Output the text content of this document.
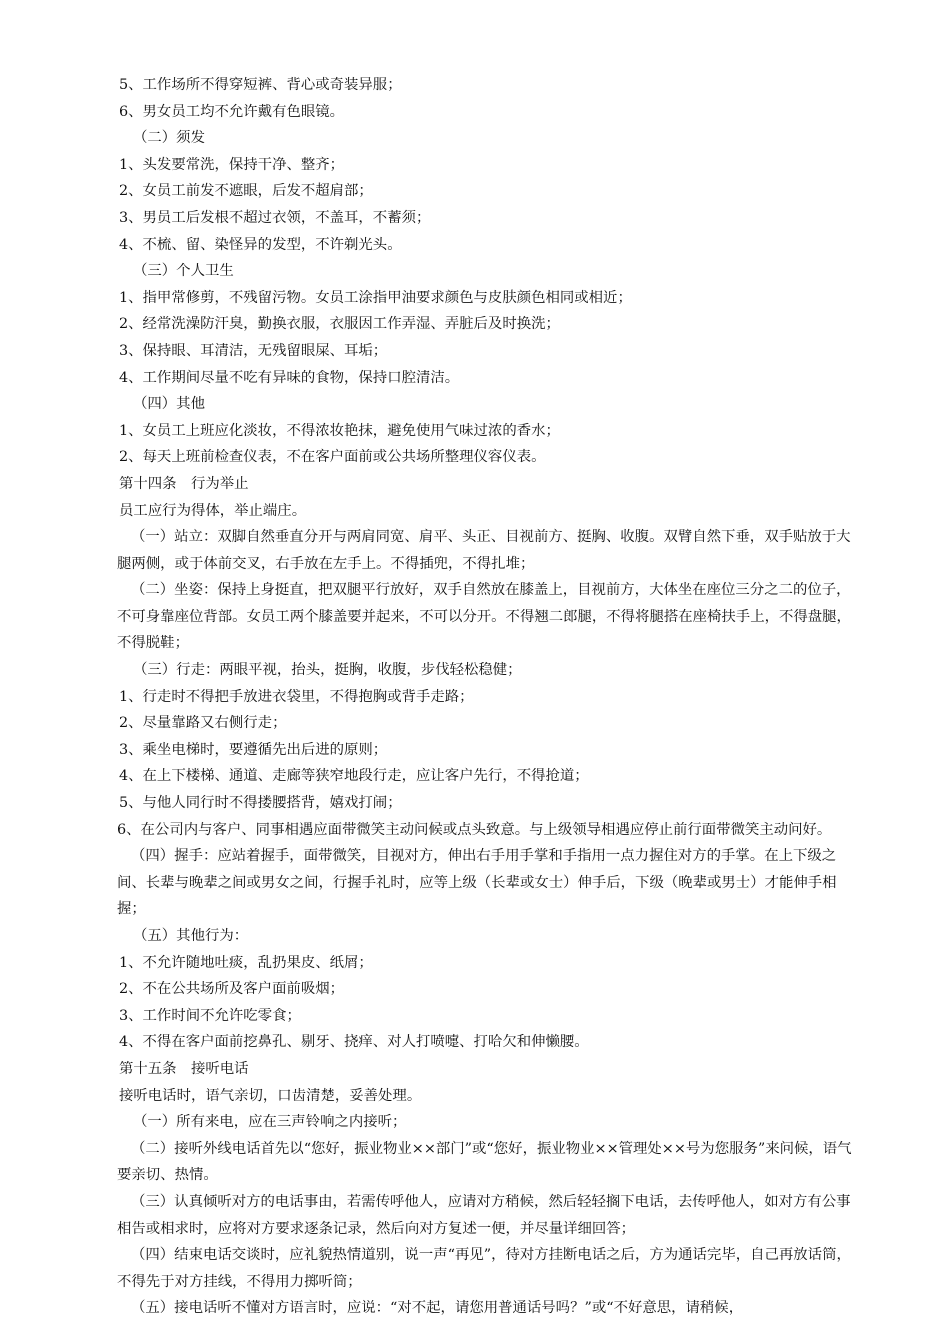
5、工作场所不得穿短裤、背心或奇装异服；

6、男女员工均不允许戴有色眼镜。

（二）须发

1、头发要常洗，保持干净、整齐；

2、女员工前发不遮眼，后发不超肩部；

3、男员工后发根不超过衣领，不盖耳，不蓄须；

4、不梳、留、染怪异的发型，不许剃光头。

（三）个人卫生

1、指甲常修剪，不残留污物。女员工涂指甲油要求颜色与皮肤颜色相同或相近；

2、经常洗澡防汗臭，勤换衣服，衣服因工作弄湿、弄脏后及时换洗；

3、保持眼、耳清洁，无残留眼屎、耳垢；

4、工作期间尽量不吃有异味的食物，保持口腔清洁。

（四）其他

1、女员工上班应化淡妆，不得浓妆艳抹，避免使用气味过浓的香水；

2、每天上班前检查仪表，不在客户面前或公共场所整理仪容仪表。

第十四条　行为举止

员工应行为得体，举止端庄。

（一）站立：双脚自然垂直分开与两肩同宽、肩平、头正、目视前方、挺胸、收腹。双臂自然下垂，双手贴放于大腿两侧，或于体前交叉，右手放在左手上。不得插兜，不得扎堆；

（二）坐姿：保持上身挺直，把双腿平行放好，双手自然放在膝盖上，目视前方，大体坐在座位三分之二的位子，不可身靠座位背部。女员工两个膝盖要并起来，不可以分开。不得翘二郎腿，不得将腿搭在座椅扶手上，不得盘腿，不得脱鞋；

（三）行走：两眼平视，抬头，挺胸，收腹，步伐轻松稳健；

1、行走时不得把手放进衣袋里，不得抱胸或背手走路；

2、尽量靠路又右侧行走；

3、乘坐电梯时，要遵循先出后进的原则；

4、在上下楼梯、通道、走廊等狭窄地段行走，应让客户先行，不得抢道；

5、与他人同行时不得搂腰搭背，嬉戏打闹；

6、在公司内与客户、同事相遇应面带微笑主动问候或点头致意。与上级领导相遇应停止前行面带微笑主动问好。

（四）握手：应站着握手，面带微笑，目视对方，伸出右手用手掌和手指用一点力握住对方的手掌。在上下级之间、长辈与晚辈之间或男女之间，行握手礼时，应等上级（长辈或女士）伸手后，下级（晚辈或男士）才能伸手相握；

（五）其他行为：

1、不允许随地吐痰，乱扔果皮、纸屑；

2、不在公共场所及客户面前吸烟；

3、工作时间不允许吃零食；

4、不得在客户面前挖鼻孔、剔牙、挠痒、对人打喷嚏、打哈欠和伸懒腰。

第十五条　接听电话

接听电话时，语气亲切，口齿清楚，妥善处理。

（一）所有来电，应在三声铃响之内接听；

（二）接听外线电话首先以“您好，振业物业××部门”或“您好，振业物业××管理处××号为您服务”来问候，语气要亲切、热情。

（三）认真倾听对方的电话事由，若需传呼他人，应请对方稍候，然后轻轻搁下电话，去传呼他人，如对方有公事相告或相求时，应将对方要求逐条记录，然后向对方复述一便，并尽量详细回答；

（四）结束电话交谈时，应礼貌热情道别，说一声“再见”，待对方挂断电话之后，方为通话完毕，自己再放话筒，不得先于对方挂线，不得用力掷听筒；

（五）接电话听不懂对方语言时，应说：“对不起，请您用普通话号吗？”或“不好意思，请稍候，
